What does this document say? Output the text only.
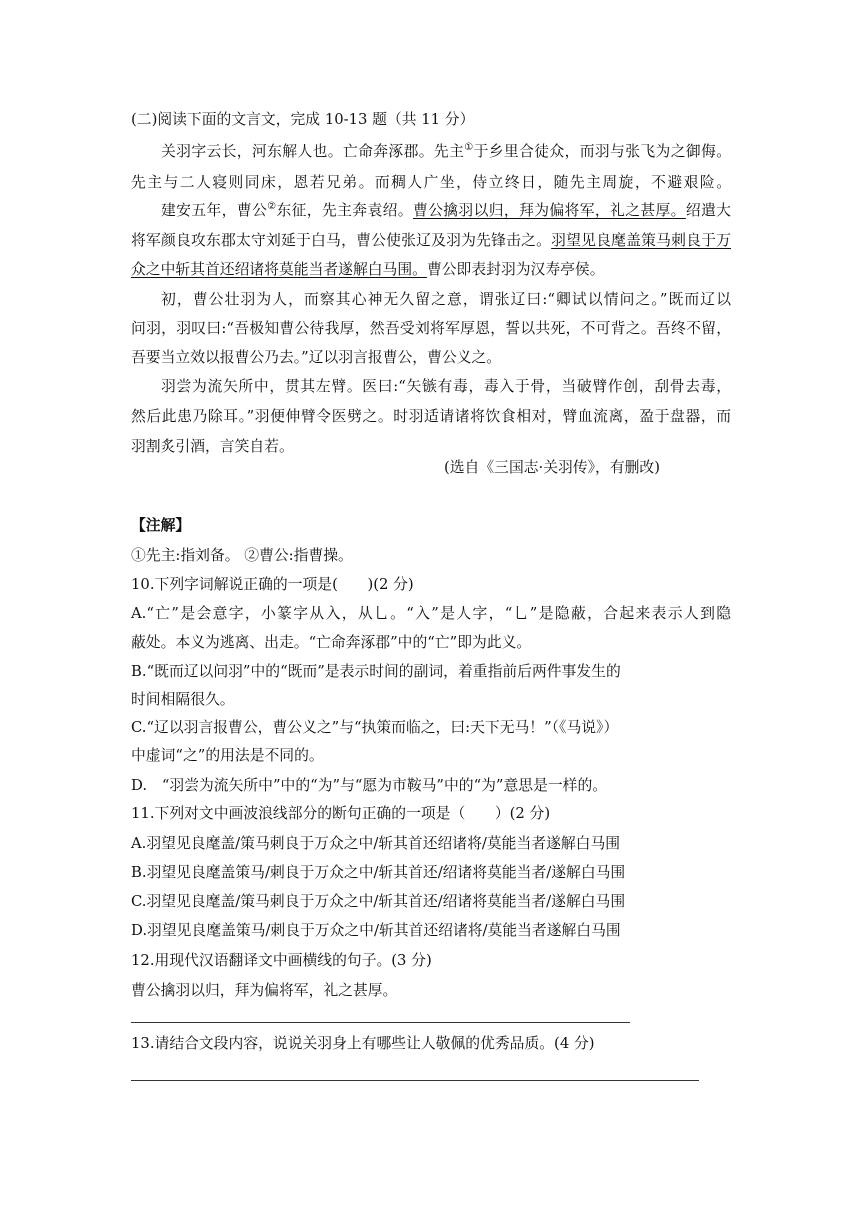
(二)阅读下面的文言文，完成 10-13 题（共 11 分）

关羽字云长，河东解人也。亡命奔涿郡。先主①于乡里合徒众，而羽与张飞为之御侮。

先主与二人寝则同床，恩若兄弟。而稠人广坐，侍立终日，随先主周旋，不避艰险。

建安五年，曹公②东征，先主奔袁绍。曹公擒羽以归，拜为偏将军，礼之甚厚。绍遣大

将军颜良攻东郡太守刘延于白马，曹公使张辽及羽为先锋击之。羽望见良麾盖策马刺良于万

众之中斩其首还绍诸将莫能当者遂解白马围。曹公即表封羽为汉寿亭侯。

初，曹公壮羽为人，而察其心神无久留之意，谓张辽曰:“卿试以情问之。”既而辽以

问羽，羽叹曰:“吾极知曹公待我厚，然吾受刘将军厚恩，誓以共死，不可背之。吾终不留，

吾要当立效以报曹公乃去。”辽以羽言报曹公，曹公义之。

羽尝为流矢所中，贯其左臂。医曰:“矢镞有毒，毒入于骨，当破臂作创，刮骨去毒，

然后此患乃除耳。”羽便伸臂令医劈之。时羽适请诸将饮食相对，臂血流离，盈于盘器，而

羽割炙引酒，言笑自若。

(选自《三国志·关羽传》，有删改)

【注解】

①先主:指刘备。 ②曹公:指曹操。

10.下列字词解说正确的一项是(　　)(2 分)

A.“亡”是会意字，小篆字从入，从乚。“入”是人字，“乚”是隐蔽，合起来表示人到隐

蔽处。本义为逃离、出走。“亡命奔涿郡”中的“亡”即为此义。

B.“既而辽以问羽”中的“既而”是表示时间的副词，着重指前后两件事发生的

时间相隔很久。

C.“辽以羽言报曹公，曹公义之”与“执策而临之，曰:天下无马！”（《马说》）

中虚词“之”的用法是不同的。

D.　“羽尝为流矢所中”中的“为”与“愿为市鞍马”中的“为”意思是一样的。

11.下列对文中画波浪线部分的断句正确的一项是（　　）(2 分)

A.羽望见良麾盖/策马刺良于万众之中/斩其首还绍诸将/莫能当者遂解白马围

B.羽望见良麾盖策马/刺良于万众之中/斩其首还/绍诸将莫能当者/遂解白马围

C.羽望见良麾盖/策马刺良于万众之中/斩其首还/绍诸将莫能当者/遂解白马围

D.羽望见良麾盖策马/刺良于万众之中/斩其首还绍诸将/莫能当者遂解白马围

12.用现代汉语翻译文中画横线的句子。(3 分)

曹公擒羽以归，拜为偏将军，礼之甚厚。

13.请结合文段内容，说说关羽身上有哪些让人敬佩的优秀品质。(4 分)
